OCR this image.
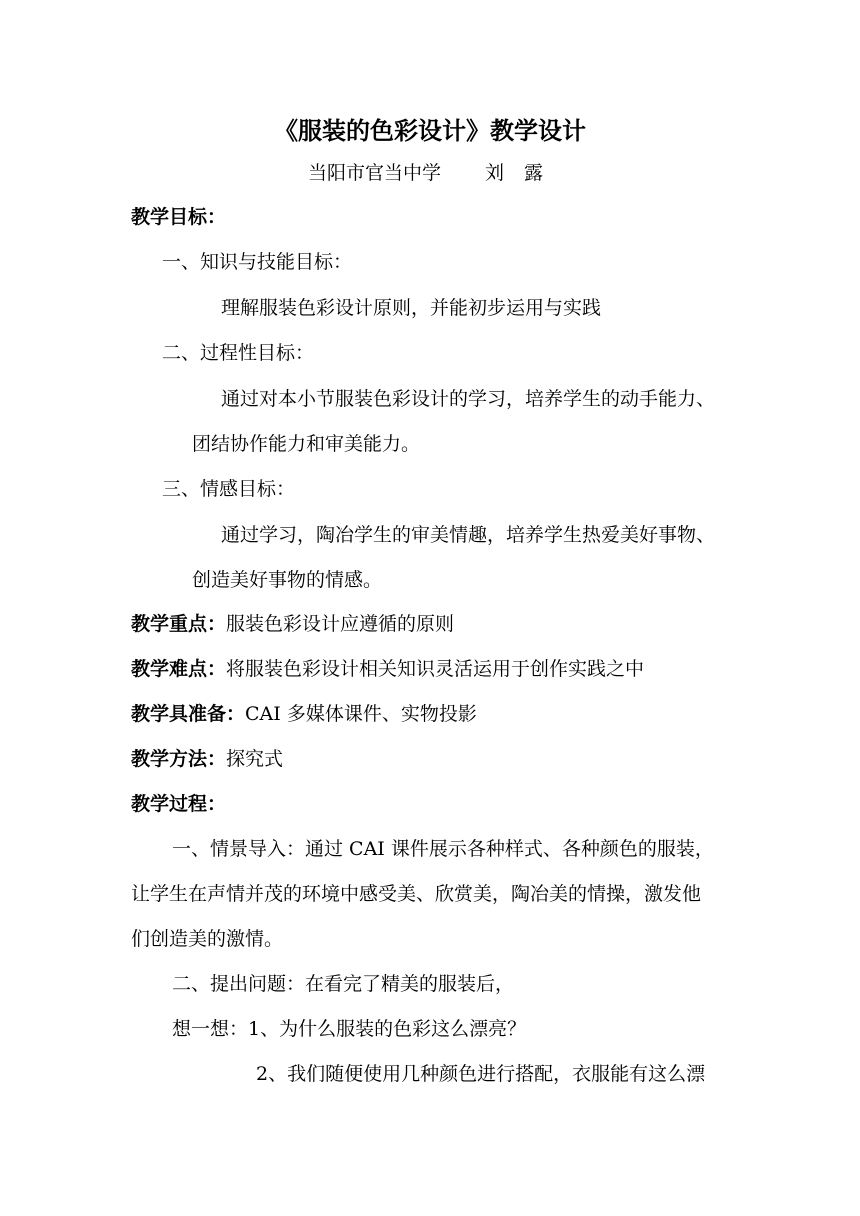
《服装的色彩设计》教学设计
当阳市官当中学 刘 露
教学目标：
一、知识与技能目标：
理解服装色彩设计原则，并能初步运用与实践
二、过程性目标：
通过对本小节服装色彩设计的学习，培养学生的动手能力、
团结协作能力和审美能力。
三、情感目标：
通过学习，陶冶学生的审美情趣，培养学生热爱美好事物、
创造美好事物的情感。
教学重点：服装色彩设计应遵循的原则
教学难点：将服装色彩设计相关知识灵活运用于创作实践之中
教学具准备：CAI 多媒体课件、实物投影
教学方法：探究式
教学过程：
一、情景导入：通过 CAI 课件展示各种样式、各种颜色的服装，
让学生在声情并茂的环境中感受美、欣赏美，陶冶美的情操，激发他
们创造美的激情。
二、提出问题：在看完了精美的服装后，
想一想：1、为什么服装的色彩这么漂亮？
2、我们随便使用几种颜色进行搭配，衣服能有这么漂
